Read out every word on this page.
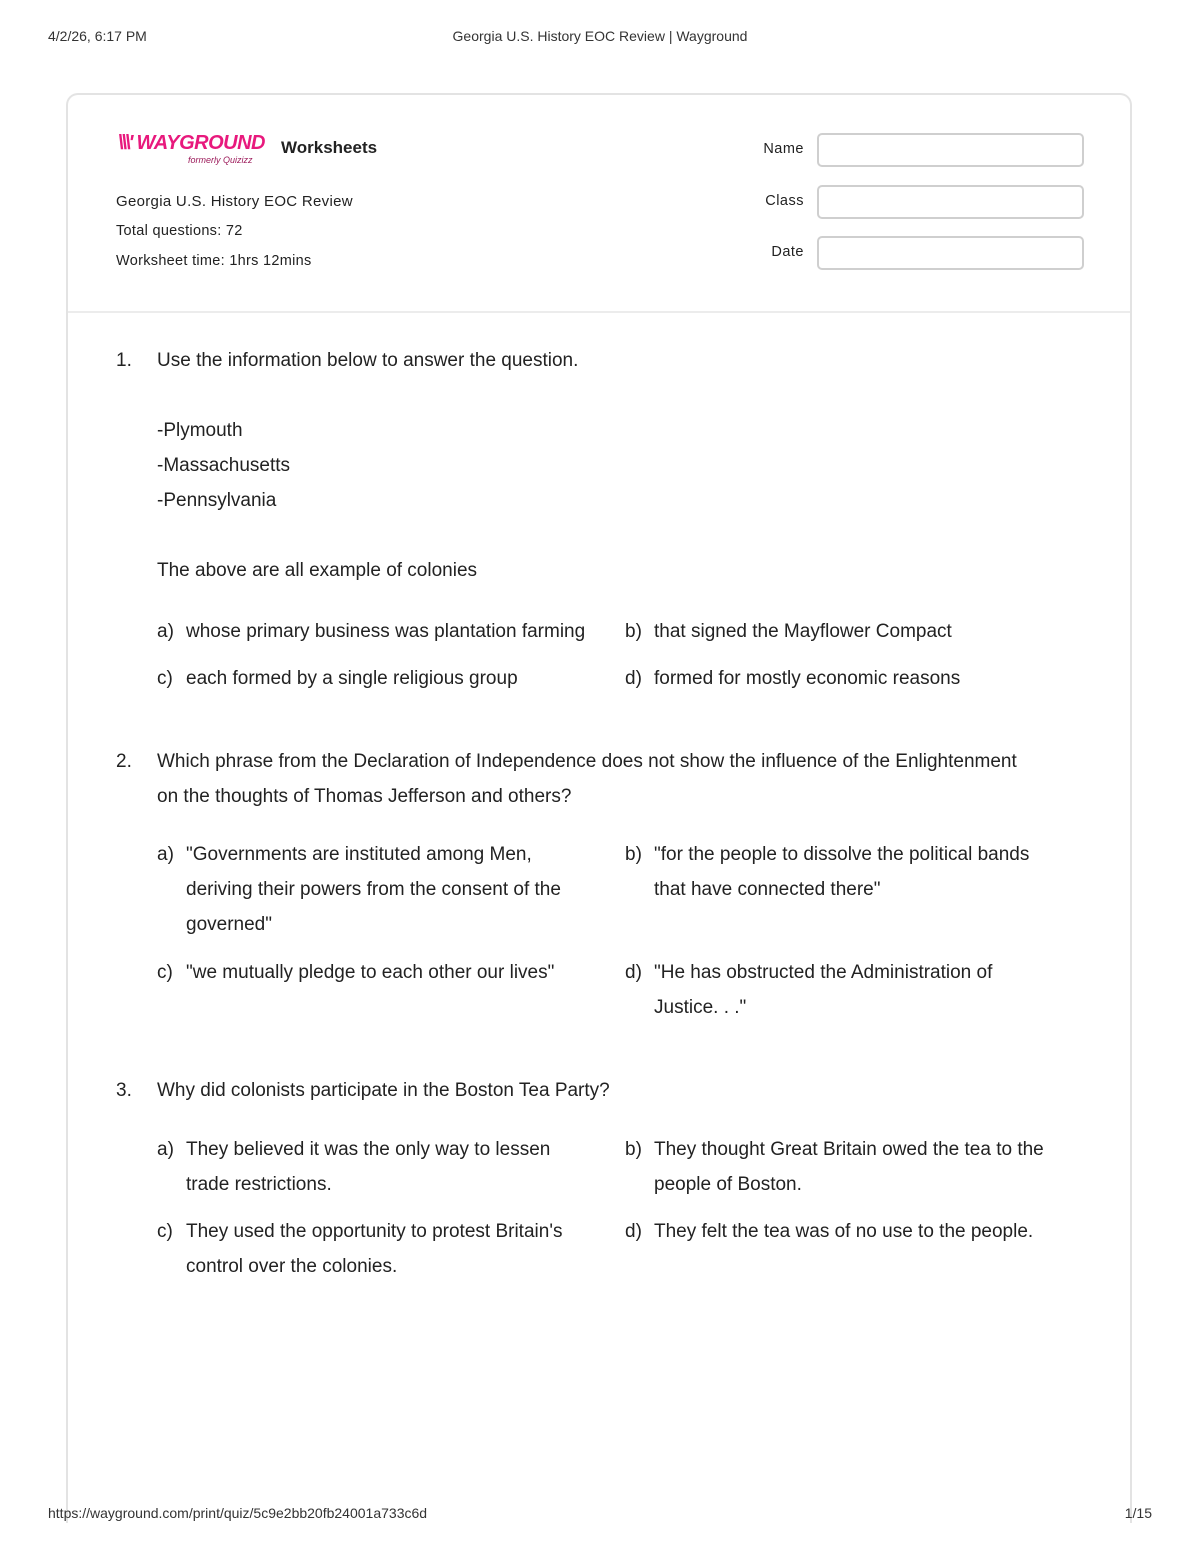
4/2/26, 6:17 PM	Georgia U.S. History EOC Review | Wayground
\\\' WAYGROUND
formerly Quizizz
Worksheets
Georgia U.S. History EOC Review
Total questions: 72
Worksheet time: 1hrs 12mins
Name
Class
Date
1. Use the information below to answer the question.

-Plymouth

-Massachusetts

-Pennsylvania

The above are all example of colonies

a) whose primary business was plantation farming b) that signed the Mayflower Compact
c) each formed by a single religious group	d) formed for mostly economic reasons
2. Which phrase from the Declaration of Independence does not show the influence of the Enlightenment

on the thoughts of Thomas Jefferson and others?

a) "Governments are instituted among Men,
deriving their powers from the consent of the
governed"
b) "for the people to dissolve the political bands
that have connected there"
c) "we mutually pledge to each other our lives"	d) "He has obstructed the Administration of
Justice. . ."
3. Why did colonists participate in the Boston Tea Party?

a) They believed it was the only way to lessen
trade restrictions.
b) They thought Great Britain owed the tea to the
people of Boston.
c) They used the opportunity to protest Britain's
control over the colonies.
d) They felt the tea was of no use to the people.
https://wayground.com/print/quiz/5c9e2bb20fb24001a733c6d	1/15
